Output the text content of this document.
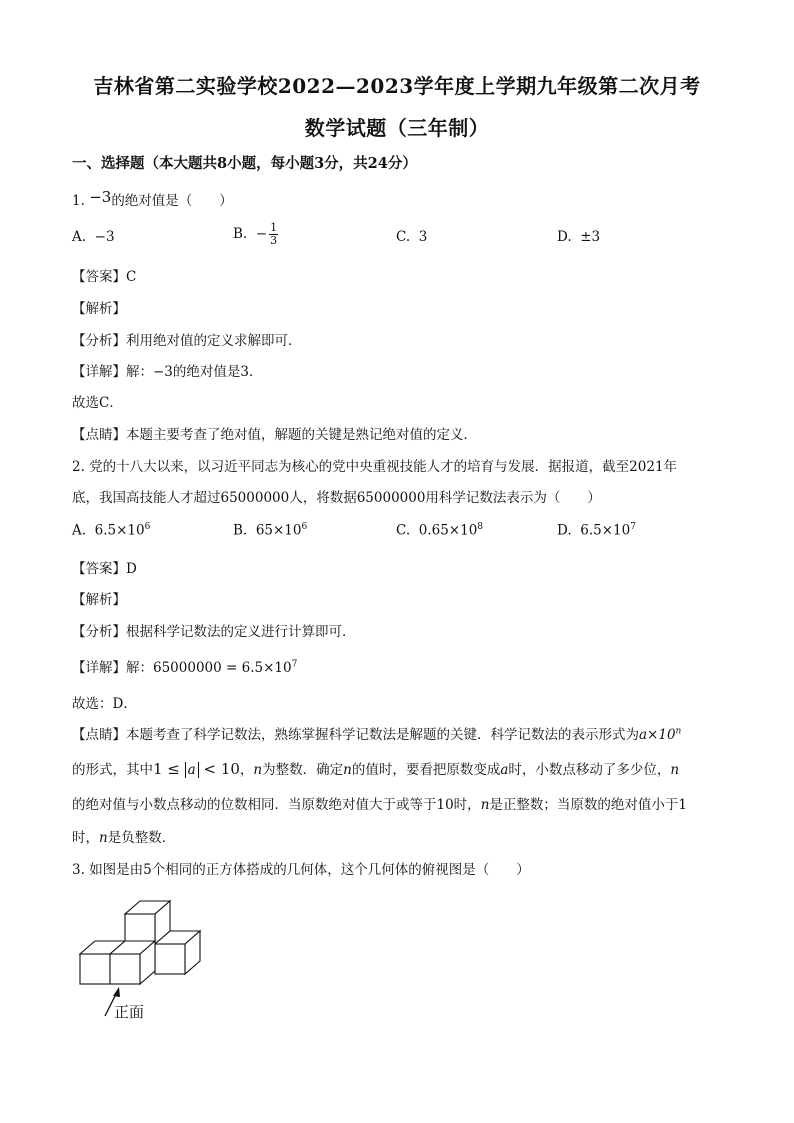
吉林省第二实验学校2022—2023学年度上学期九年级第二次月考
数学试题（三年制）
一、选择题（本大题共8小题，每小题3分，共24分）
1. −3的绝对值是（　　）
A. −3	B. − $\frac{1}{3}$	C. 3	D. ±3
【答案】C
【解析】
【分析】利用绝对值的定义求解即可．
【详解】解：−3的绝对值是3．
故选C．
【点睛】本题主要考查了绝对值，解题的关键是熟记绝对值的定义．
2. 党的十八大以来，以习近平同志为核心的党中央重视技能人才的培育与发展．据报道，截至2021年
底，我国高技能人才超过65000000人，将数据65000000用科学记数法表示为（　　）
A. $6.5\times 10^6$	B. $65\times 10^6$	C. $0.65\times 10^8$	D. $6.5\times 10^7$
【答案】D
【解析】
【分析】根据科学记数法的定义进行计算即可．
【详解】解：$65000000 = 6.5\times 10^7$
故选：D．
【点睛】本题考查了科学记数法，熟练掌握科学记数法是解题的关键．科学记数法的表示形式为$a\times 10^n$
的形式，其中1 ≤ a < 10，n为整数．确定n的值时，要看把原数变成a时，小数点移动了多少位，n
的绝对值与小数点移动的位数相同．当原数绝对值大于或等于10时，n是正整数；当原数的绝对值小于1
时，n是负整数．
3. 如图是由5个相同的正方体搭成的几何体，这个几何体的俯视图是（　　）
正面
